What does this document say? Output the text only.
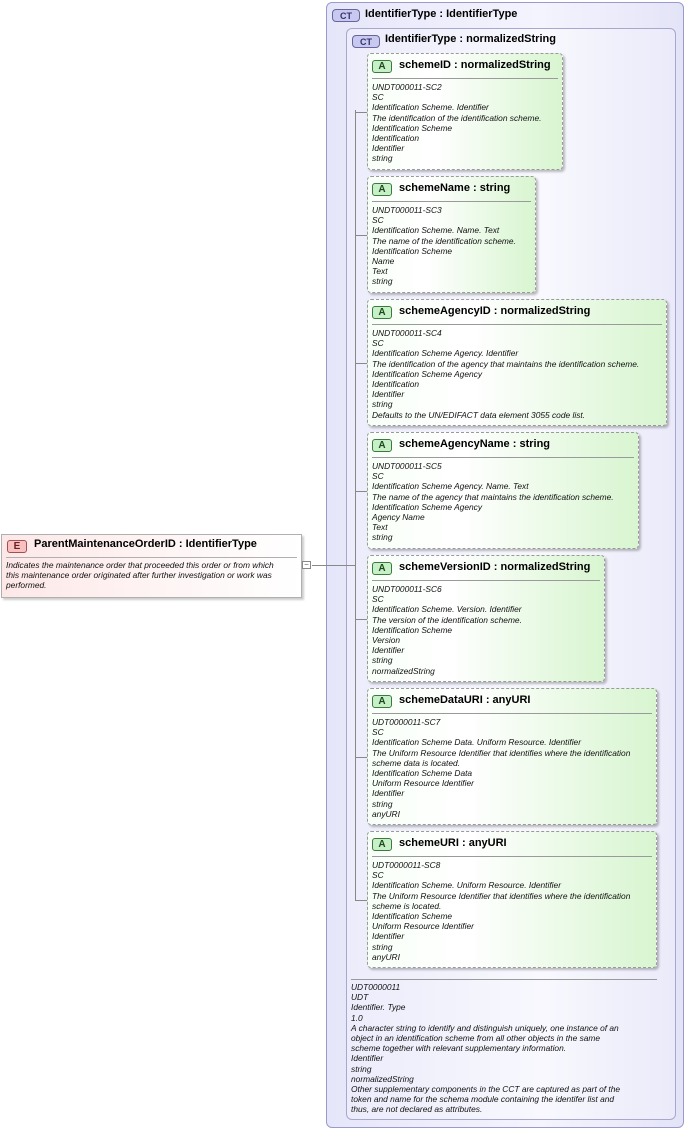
CT	IdentifierType : IdentifierType
CT	IdentifierType : normalizedString
UDT0000011
UDT
Identifier. Type
1.0
A character string to identify and distinguish uniquely, one instance of an
object in an identification scheme from all other objects in the same
scheme together with relevant supplementary information.
Identifier
string
normalizedString
Other supplementary components in the CCT are captured as part of the
token and name for the schema module containing the identifer list and
thus, are not declared as attributes.
A	schemeID : normalizedString
UNDT000011-SC2
SC
Identification Scheme. Identifier
The identification of the identification scheme.
Identification Scheme
Identification
Identifier
string
A	schemeName : string
UNDT000011-SC3
SC
Identification Scheme. Name. Text
The name of the identification scheme.
Identification Scheme
Name
Text
string
A	schemeAgencyID : normalizedString
UNDT000011-SC4
SC
Identification Scheme Agency. Identifier
The identification of the agency that maintains the identification scheme.
Identification Scheme Agency
Identification
Identifier
string
Defaults to the UN/EDIFACT data element 3055 code list.
A	schemeAgencyName : string
UNDT000011-SC5
SC
Identification Scheme Agency. Name. Text
The name of the agency that maintains the identification scheme.
Identification Scheme Agency
Agency Name
Text
string
A	schemeVersionID : normalizedString
UNDT000011-SC6
SC
Identification Scheme. Version. Identifier
The version of the identification scheme.
Identification Scheme
Version
Identifier
string
normalizedString
A	schemeDataURI : anyURI
UDT0000011-SC7
SC
Identification Scheme Data. Uniform Resource. Identifier
The Uniform Resource Identifier that identifies where the identification
scheme data is located.
Identification Scheme Data
Uniform Resource Identifier
Identifier
string
anyURI
A	schemeURI : anyURI
UDT0000011-SC8
SC
Identification Scheme. Uniform Resource. Identifier
The Uniform Resource Identifier that identifies where the identification
scheme is located.
Identification Scheme
Uniform Resource Identifier
Identifier
string
anyURI
E	ParentMaintenanceOrderID : IdentifierType
Indicates the maintenance order that proceeded this order or from which
this maintenance order originated after further investigation or work was
performed.
−
